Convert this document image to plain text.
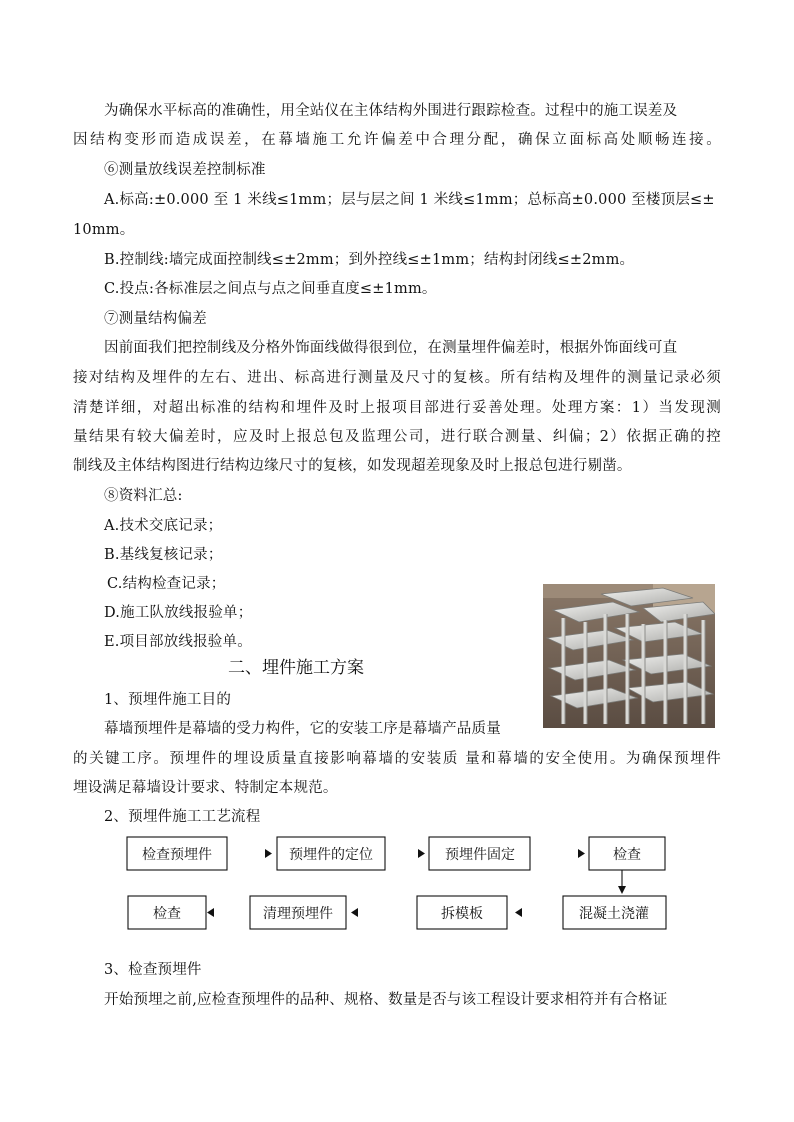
为确保水平标高的准确性，用全站仪在主体结构外围进行跟踪检查。过程中的施工误差及
因结构变形而造成误差，在幕墙施工允许偏差中合理分配，确保立面标高处顺畅连接。
⑥测量放线误差控制标准
A.标高:±0.000 至 1 米线≤1mm；层与层之间 1 米线≤1mm；总标高±0.000 至楼顶层≤±
10mm。
B.控制线:墙完成面控制线≤±2mm；到外控线≤±1mm；结构封闭线≤±2mm。
C.投点:各标准层之间点与点之间垂直度≤±1mm。
⑦测量结构偏差
因前面我们把控制线及分格外饰面线做得很到位，在测量埋件偏差时，根据外饰面线可直
接对结构及埋件的左右、进出、标高进行测量及尺寸的复核。所有结构及埋件的测量记录必须
清楚详细，对超出标准的结构和埋件及时上报项目部进行妥善处理。处理方案：1）当发现测
量结果有较大偏差时，应及时上报总包及监理公司，进行联合测量、纠偏；2）依据正确的控
制线及主体结构图进行结构边缘尺寸的复核，如发现超差现象及时上报总包进行剔凿。
⑧资料汇总:
A.技术交底记录；
B.基线复核记录；
C.结构检查记录；
D.施工队放线报验单；
E.项目部放线报验单。
二、埋件施工方案
1、预埋件施工目的
幕墙预埋件是幕墙的受力构件，它的安装工序是幕墙产品质量
的关键工序。预埋件的埋设质量直接影响幕墙的安装质 量和幕墙的安全使用。为确保预埋件
埋设满足幕墙设计要求、特制定本规范。
2、预埋件施工工艺流程
检查预埋件	预埋件的定位	预埋件固定	检查
检查	清理预埋件	拆模板	混凝土浇灌
3、检查预埋件
开始预埋之前,应检查预埋件的品种、规格、数量是否与该工程设计要求相符并有合格证
